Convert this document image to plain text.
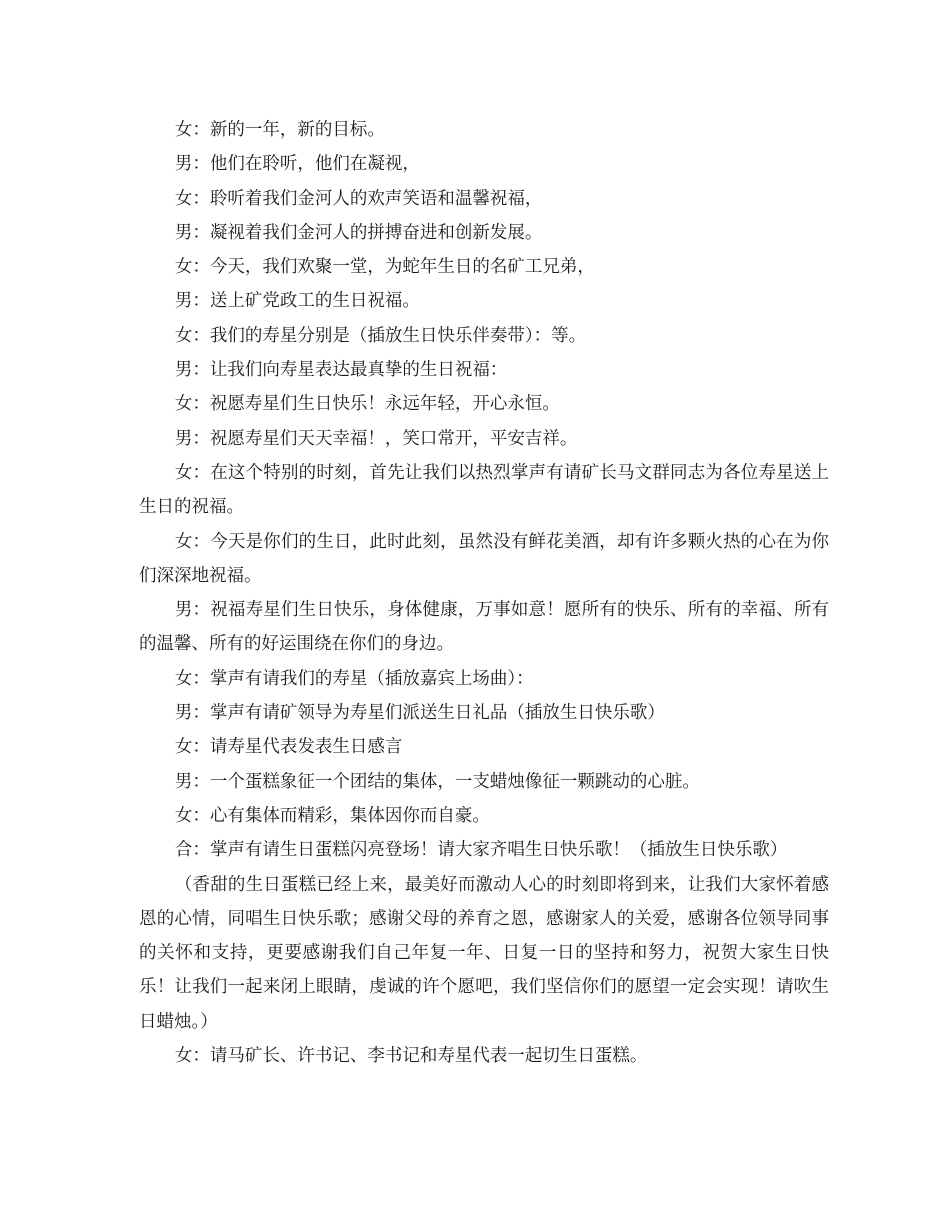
女：新的一年，新的目标。

男：他们在聆听，他们在凝视，

女：聆听着我们金河人的欢声笑语和温馨祝福，

男：凝视着我们金河人的拼搏奋进和创新发展。

女：今天，我们欢聚一堂，为蛇年生日的名矿工兄弟，

男：送上矿党政工的生日祝福。

女：我们的寿星分别是（插放生日快乐伴奏带）：等。

男：让我们向寿星表达最真挚的生日祝福：

女：祝愿寿星们生日快乐！永远年轻，开心永恒。

男：祝愿寿星们天天幸福！，笑口常开，平安吉祥。

女：在这个特别的时刻，首先让我们以热烈掌声有请矿长马文群同志为各位寿星送上生日的祝福。

女：今天是你们的生日，此时此刻，虽然没有鲜花美酒，却有许多颗火热的心在为你们深深地祝福。

男：祝福寿星们生日快乐，身体健康，万事如意！愿所有的快乐、所有的幸福、所有的温馨、所有的好运围绕在你们的身边。

女：掌声有请我们的寿星（插放嘉宾上场曲）：

男：掌声有请矿领导为寿星们派送生日礼品（插放生日快乐歌）

女：请寿星代表发表生日感言

男：一个蛋糕象征一个团结的集体，一支蜡烛像征一颗跳动的心脏。

女：心有集体而精彩，集体因你而自豪。

合：掌声有请生日蛋糕闪亮登场！请大家齐唱生日快乐歌！（插放生日快乐歌）

（香甜的生日蛋糕已经上来，最美好而激动人心的时刻即将到来，让我们大家怀着感恩的心情，同唱生日快乐歌；感谢父母的养育之恩，感谢家人的关爱，感谢各位领导同事的关怀和支持，更要感谢我们自己年复一年、日复一日的坚持和努力，祝贺大家生日快乐！让我们一起来闭上眼睛，虔诚的许个愿吧，我们坚信你们的愿望一定会实现！请吹生日蜡烛。）

女：请马矿长、许书记、李书记和寿星代表一起切生日蛋糕。
